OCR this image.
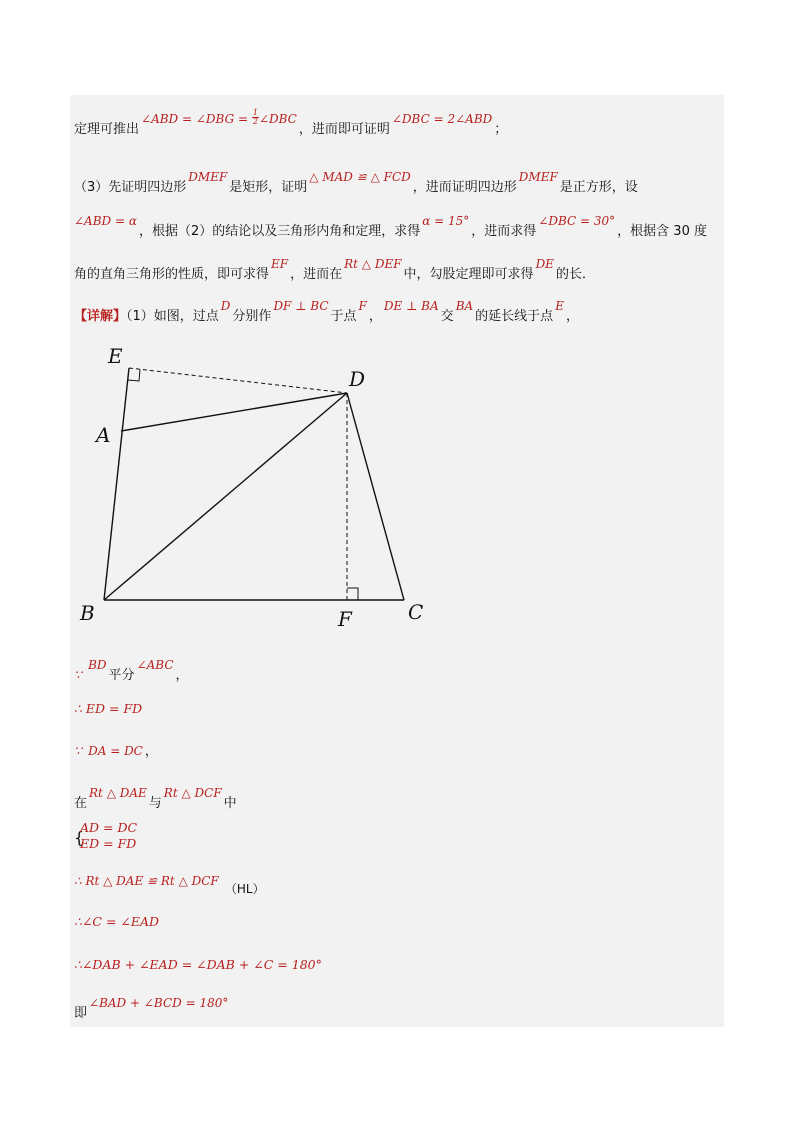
定理可推出∠ABD = ∠DBG = $\frac{1}{2}$ ∠DBC，进而即可证明∠DBC = 2∠ABD；
（3）先证明四边形DMEF是矩形，证明△ MAD ≌ △ FCD，进而证明四边形DMEF是正方形，设
∠ABD = α，根据（2）的结论以及三角形内角和定理，求得α = 15°，进而求得∠DBC = 30°，根据含 30 度
角的直角三角形的性质，即可求得EF，进而在Rt △ DEF中，勾股定理即可求得DE的长．
【详解】（1）如图，过点D分别作DF ⊥ BC于点F，DE ⊥ BA交BA的延长线于点E，
E
D
A
B	F	C
∵ BD平分∠ABC，
∴ ED = FD
∵ DA = DC ，
在Rt △ DAE与Rt △ DCF中
{
AD = DC
ED = FD
∴ Rt △ DAE ≌ Rt △ DCF （HL）
∴∠C = ∠EAD
∴∠DAB + ∠EAD = ∠DAB + ∠C = 180°
即∠BAD + ∠BCD = 180°
